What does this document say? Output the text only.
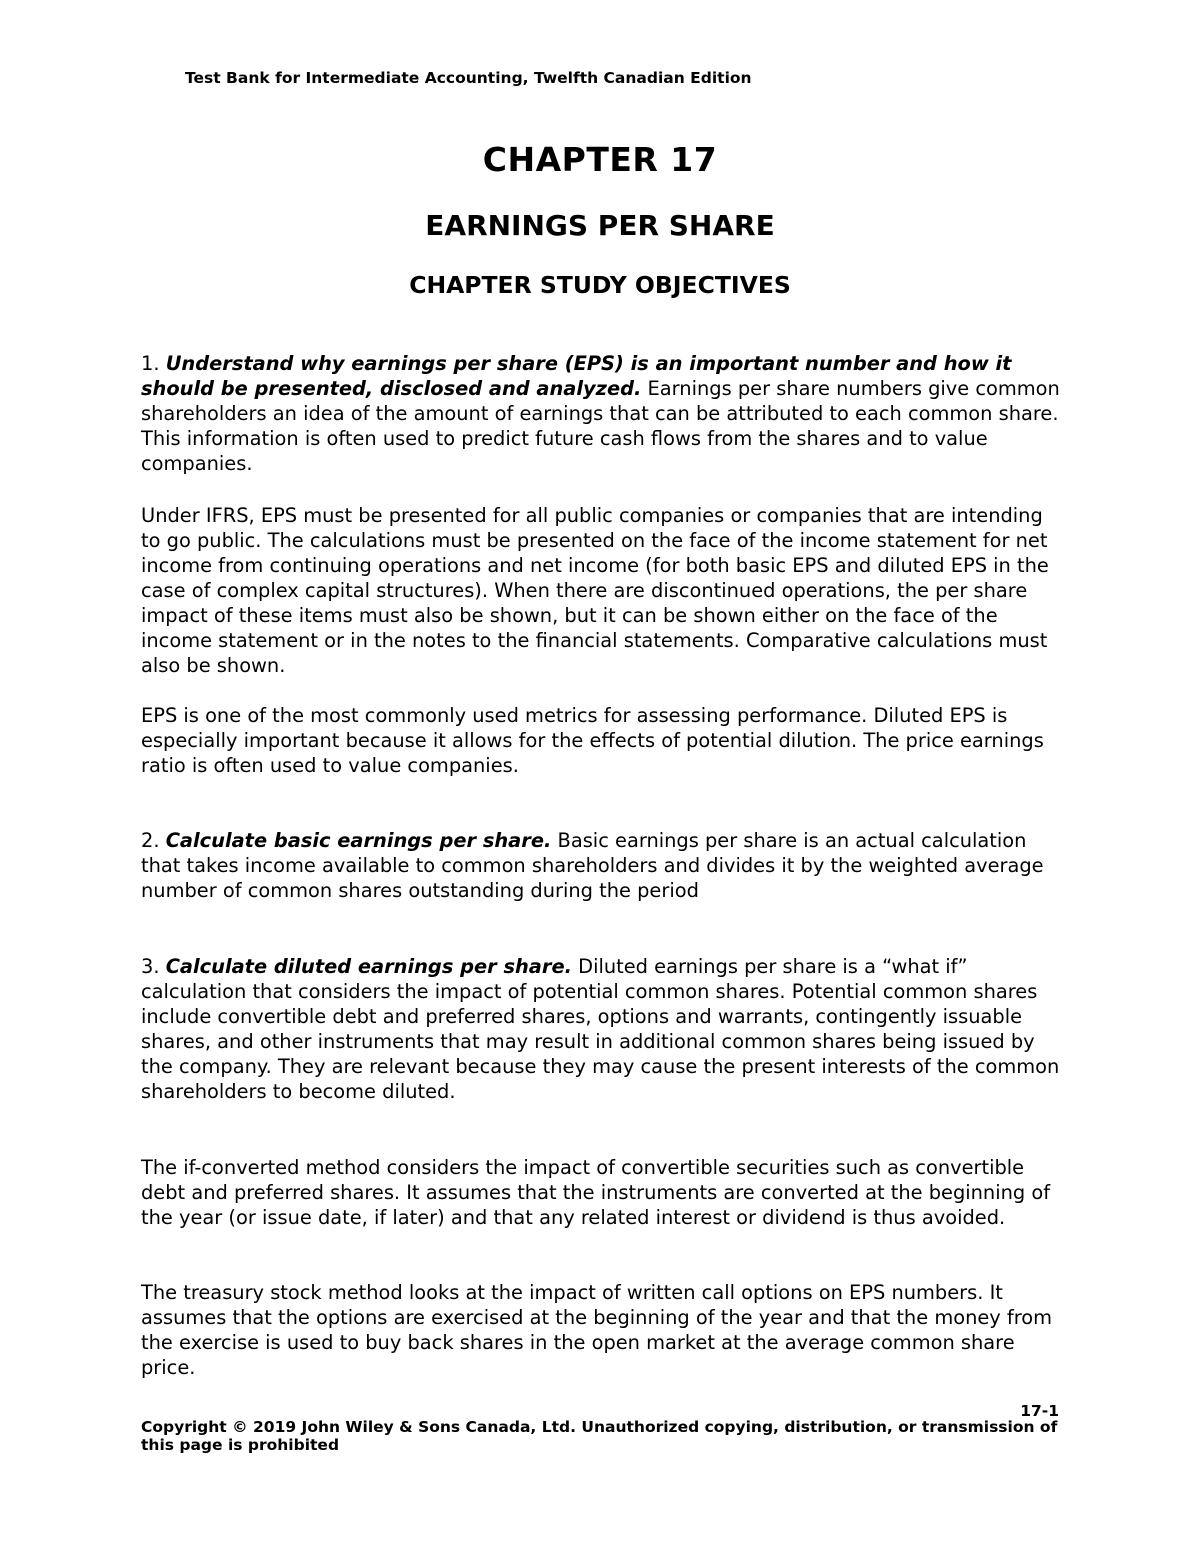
Test Bank for Intermediate Accounting, Twelfth Canadian Edition
CHAPTER 17
EARNINGS PER SHARE
CHAPTER STUDY OBJECTIVES

1. Understand why earnings per share (EPS) is an important number and how it should be presented, disclosed and analyzed. Earnings per share numbers give common shareholders an idea of the amount of earnings that can be attributed to each common share. This information is often used to predict future cash flows from the shares and to value companies.

Under IFRS, EPS must be presented for all public companies or companies that are intending to go public. The calculations must be presented on the face of the income statement for net income from continuing operations and net income (for both basic EPS and diluted EPS in the case of complex capital structures). When there are discontinued operations, the per share impact of these items must also be shown, but it can be shown either on the face of the income statement or in the notes to the financial statements. Comparative calculations must also be shown.

EPS is one of the most commonly used metrics for assessing performance. Diluted EPS is especially important because it allows for the effects of potential dilution. The price earnings ratio is often used to value companies.

2. Calculate basic earnings per share. Basic earnings per share is an actual calculation that takes income available to common shareholders and divides it by the weighted average number of common shares outstanding during the period

3. Calculate diluted earnings per share. Diluted earnings per share is a “what if” calculation that considers the impact of potential common shares. Potential common shares include convertible debt and preferred shares, options and warrants, contingently issuable shares, and other instruments that may result in additional common shares being issued by the company. They are relevant because they may cause the present interests of the common shareholders to become diluted.

The if-converted method considers the impact of convertible securities such as convertible debt and preferred shares. It assumes that the instruments are converted at the beginning of the year (or issue date, if later) and that any related interest or dividend is thus avoided.

The treasury stock method looks at the impact of written call options on EPS numbers. It assumes that the options are exercised at the beginning of the year and that the money from the exercise is used to buy back shares in the open market at the average common share price.

17-1
Copyright © 2019 John Wiley & Sons Canada, Ltd. Unauthorized copying, distribution, or transmission of this page is prohibited
